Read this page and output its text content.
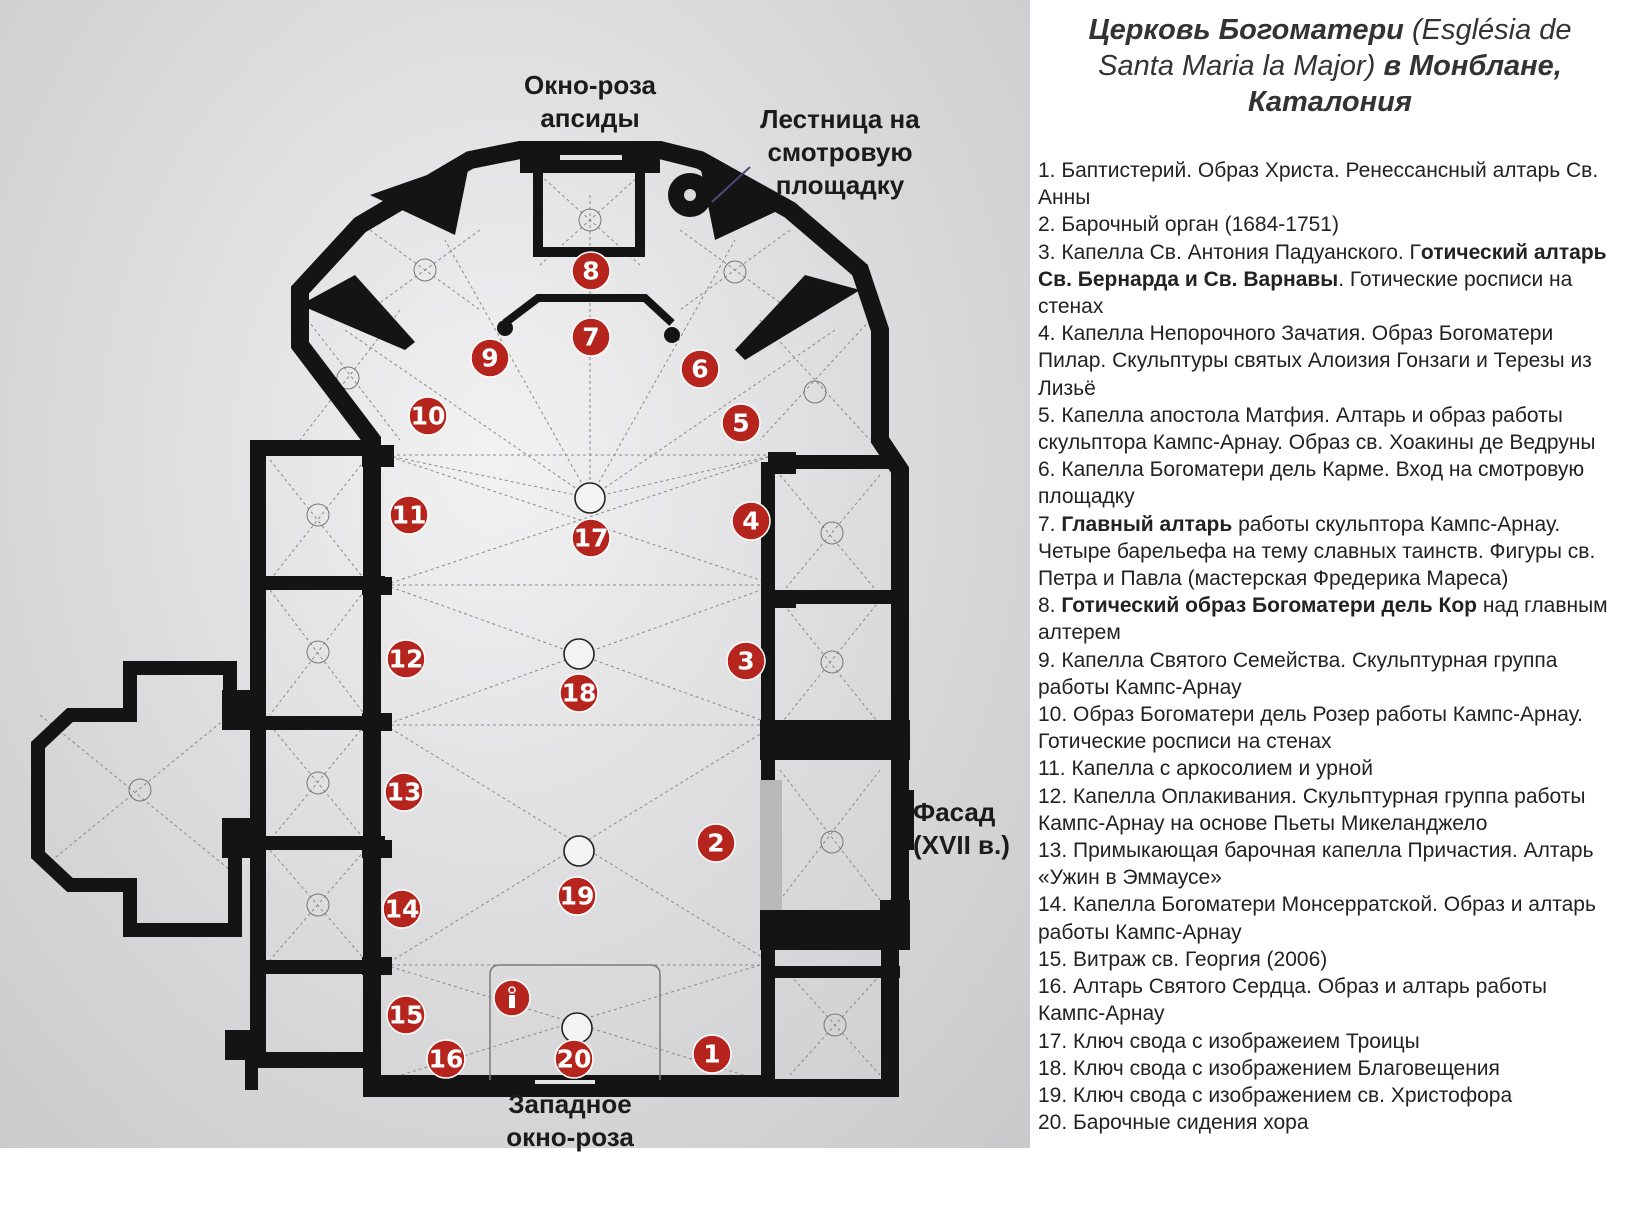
1
2
3
4
5
6
7
8
9
10
11
12
13
14
15
16
17
18
19
20
Окно-роза
апсиды	Лестница на
смотровую
площадку
Фасад
(XVII в.)
Западное
окно-роза
Церковь Богоматери (Església de Santa Maria la Major) в Монблане, Каталония
1. Баптистерий. Образ Христа. Ренессансный алтарь Св. Анны
2. Барочный орган (1684-1751)
3. Капелла Св. Антония Падуанского. Готический алтарь Св. Бернарда и Св. Варнавы. Готические росписи на стенах
4. Капелла Непорочного Зачатия. Образ Богоматери Пилар. Скульптуры святых Алоизия Гонзаги и Терезы из Лизьё
5. Капелла апостола Матфия. Алтарь и образ работы скульптора Кампс-Арнау. Образ св. Хоакины де Ведруны
6. Капелла Богоматери дель Карме. Вход на смотровую площадку
7. Главный алтарь работы скульптора Кампс-Арнау. Четыре барельефа на тему славных таинств. Фигуры св. Петра и Павла (мастерская Фредерика Мареса)
8. Готический образ Богоматери дель Кор над главным алтерем
9. Капелла Святого Семейства. Скульптурная группа работы Кампс-Арнау
10. Образ Богоматери дель Розер работы Кампс-Арнау. Готические росписи на стенах
11. Капелла с аркосолием и урной
12. Капелла Оплакивания. Скульптурная группа работы Кампс-Арнау на основе Пьеты Микеланджело
13. Примыкающая барочная капелла Причастия. Алтарь «Ужин в Эммаусе»
14. Капелла Богоматери Монсерратской. Образ и алтарь работы Кампс-Арнау
15. Витраж св. Георгия (2006)
16. Алтарь Святого Сердца. Образ и алтарь работы Кампс-Арнау
17. Ключ свода с изображеием Троицы
18. Ключ свода с изображением Благовещения
19. Ключ свода с изображением св. Христофора
20. Барочные сидения хора
